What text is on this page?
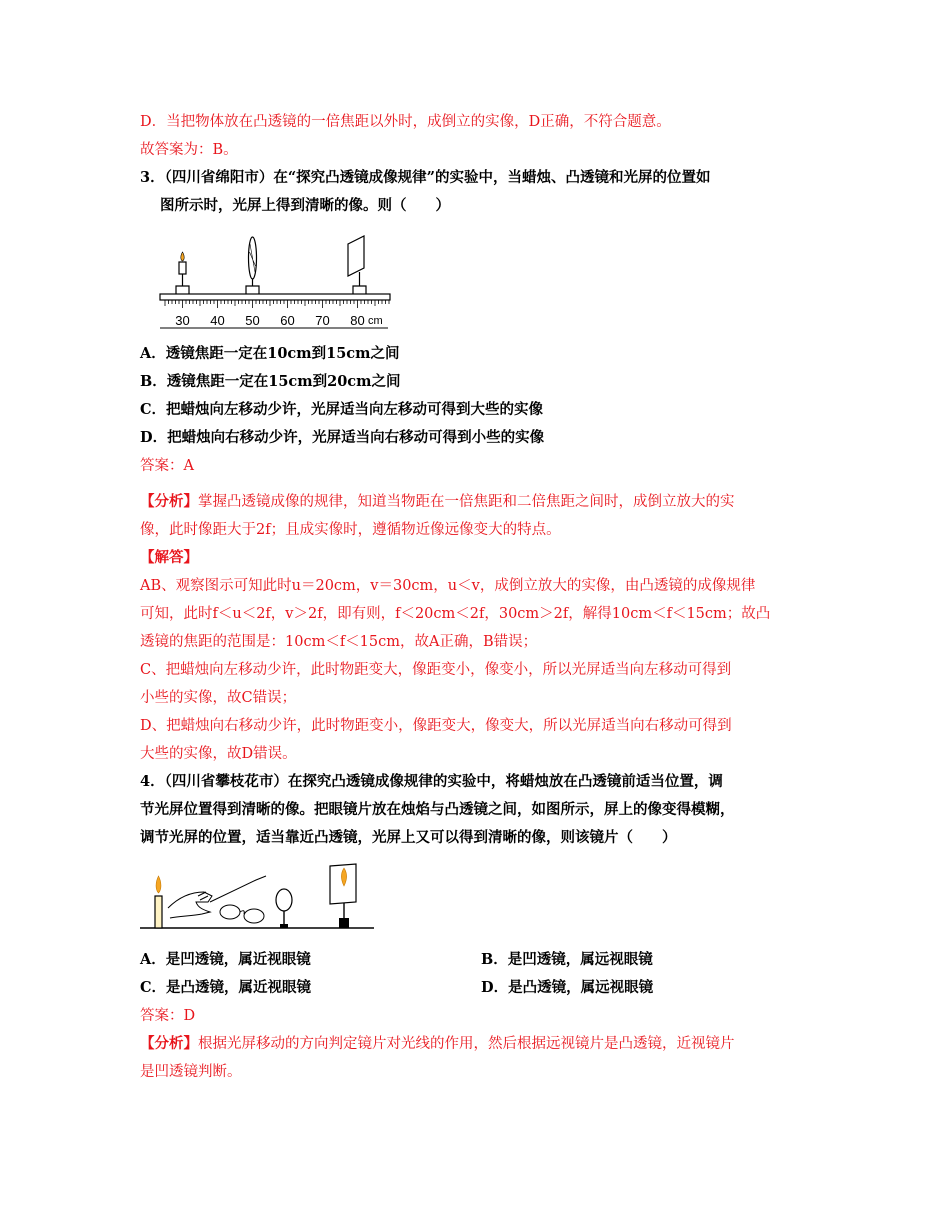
D．当把物体放在凸透镜的一倍焦距以外时，成倒立的实像，D正确，不符合题意。
故答案为：B。
3．（四川省绵阳市）在“探究凸透镜成像规律”的实验中，当蜡烛、凸透镜和光屏的位置如
图所示时，光屏上得到清晰的像。则（　　）
30 40 50 60 70 80 cm
A．透镜焦距一定在10cm到15cm之间
B．透镜焦距一定在15cm到20cm之间
C．把蜡烛向左移动少许，光屏适当向左移动可得到大些的实像
D．把蜡烛向右移动少许，光屏适当向右移动可得到小些的实像
答案：A
【分析】掌握凸透镜成像的规律，知道当物距在一倍焦距和二倍焦距之间时，成倒立放大的实
像，此时像距大于2f；且成实像时，遵循物近像远像变大的特点。
【解答】
AB、观察图示可知此时u＝20cm，v＝30cm，u＜v，成倒立放大的实像，由凸透镜的成像规律
可知，此时f＜u＜2f，v＞2f，即有则，f＜20cm＜2f，30cm＞2f，解得10cm＜f＜15cm；故凸
透镜的焦距的范围是：10cm＜f＜15cm，故A正确，B错误；
C、把蜡烛向左移动少许，此时物距变大，像距变小，像变小，所以光屏适当向左移动可得到
小些的实像，故C错误；
D、把蜡烛向右移动少许，此时物距变小，像距变大，像变大，所以光屏适当向右移动可得到
大些的实像，故D错误。
4．（四川省攀枝花市）在探究凸透镜成像规律的实验中，将蜡烛放在凸透镜前适当位置，调
节光屏位置得到清晰的像。把眼镜片放在烛焰与凸透镜之间，如图所示，屏上的像变得模糊，
调节光屏的位置，适当靠近凸透镜，光屏上又可以得到清晰的像，则该镜片（　　）
A．是凹透镜，属近视眼镜	B．是凹透镜，属远视眼镜
C．是凸透镜，属近视眼镜	D．是凸透镜，属远视眼镜
答案：D
【分析】根据光屏移动的方向判定镜片对光线的作用，然后根据远视镜片是凸透镜，近视镜片
是凹透镜判断。
